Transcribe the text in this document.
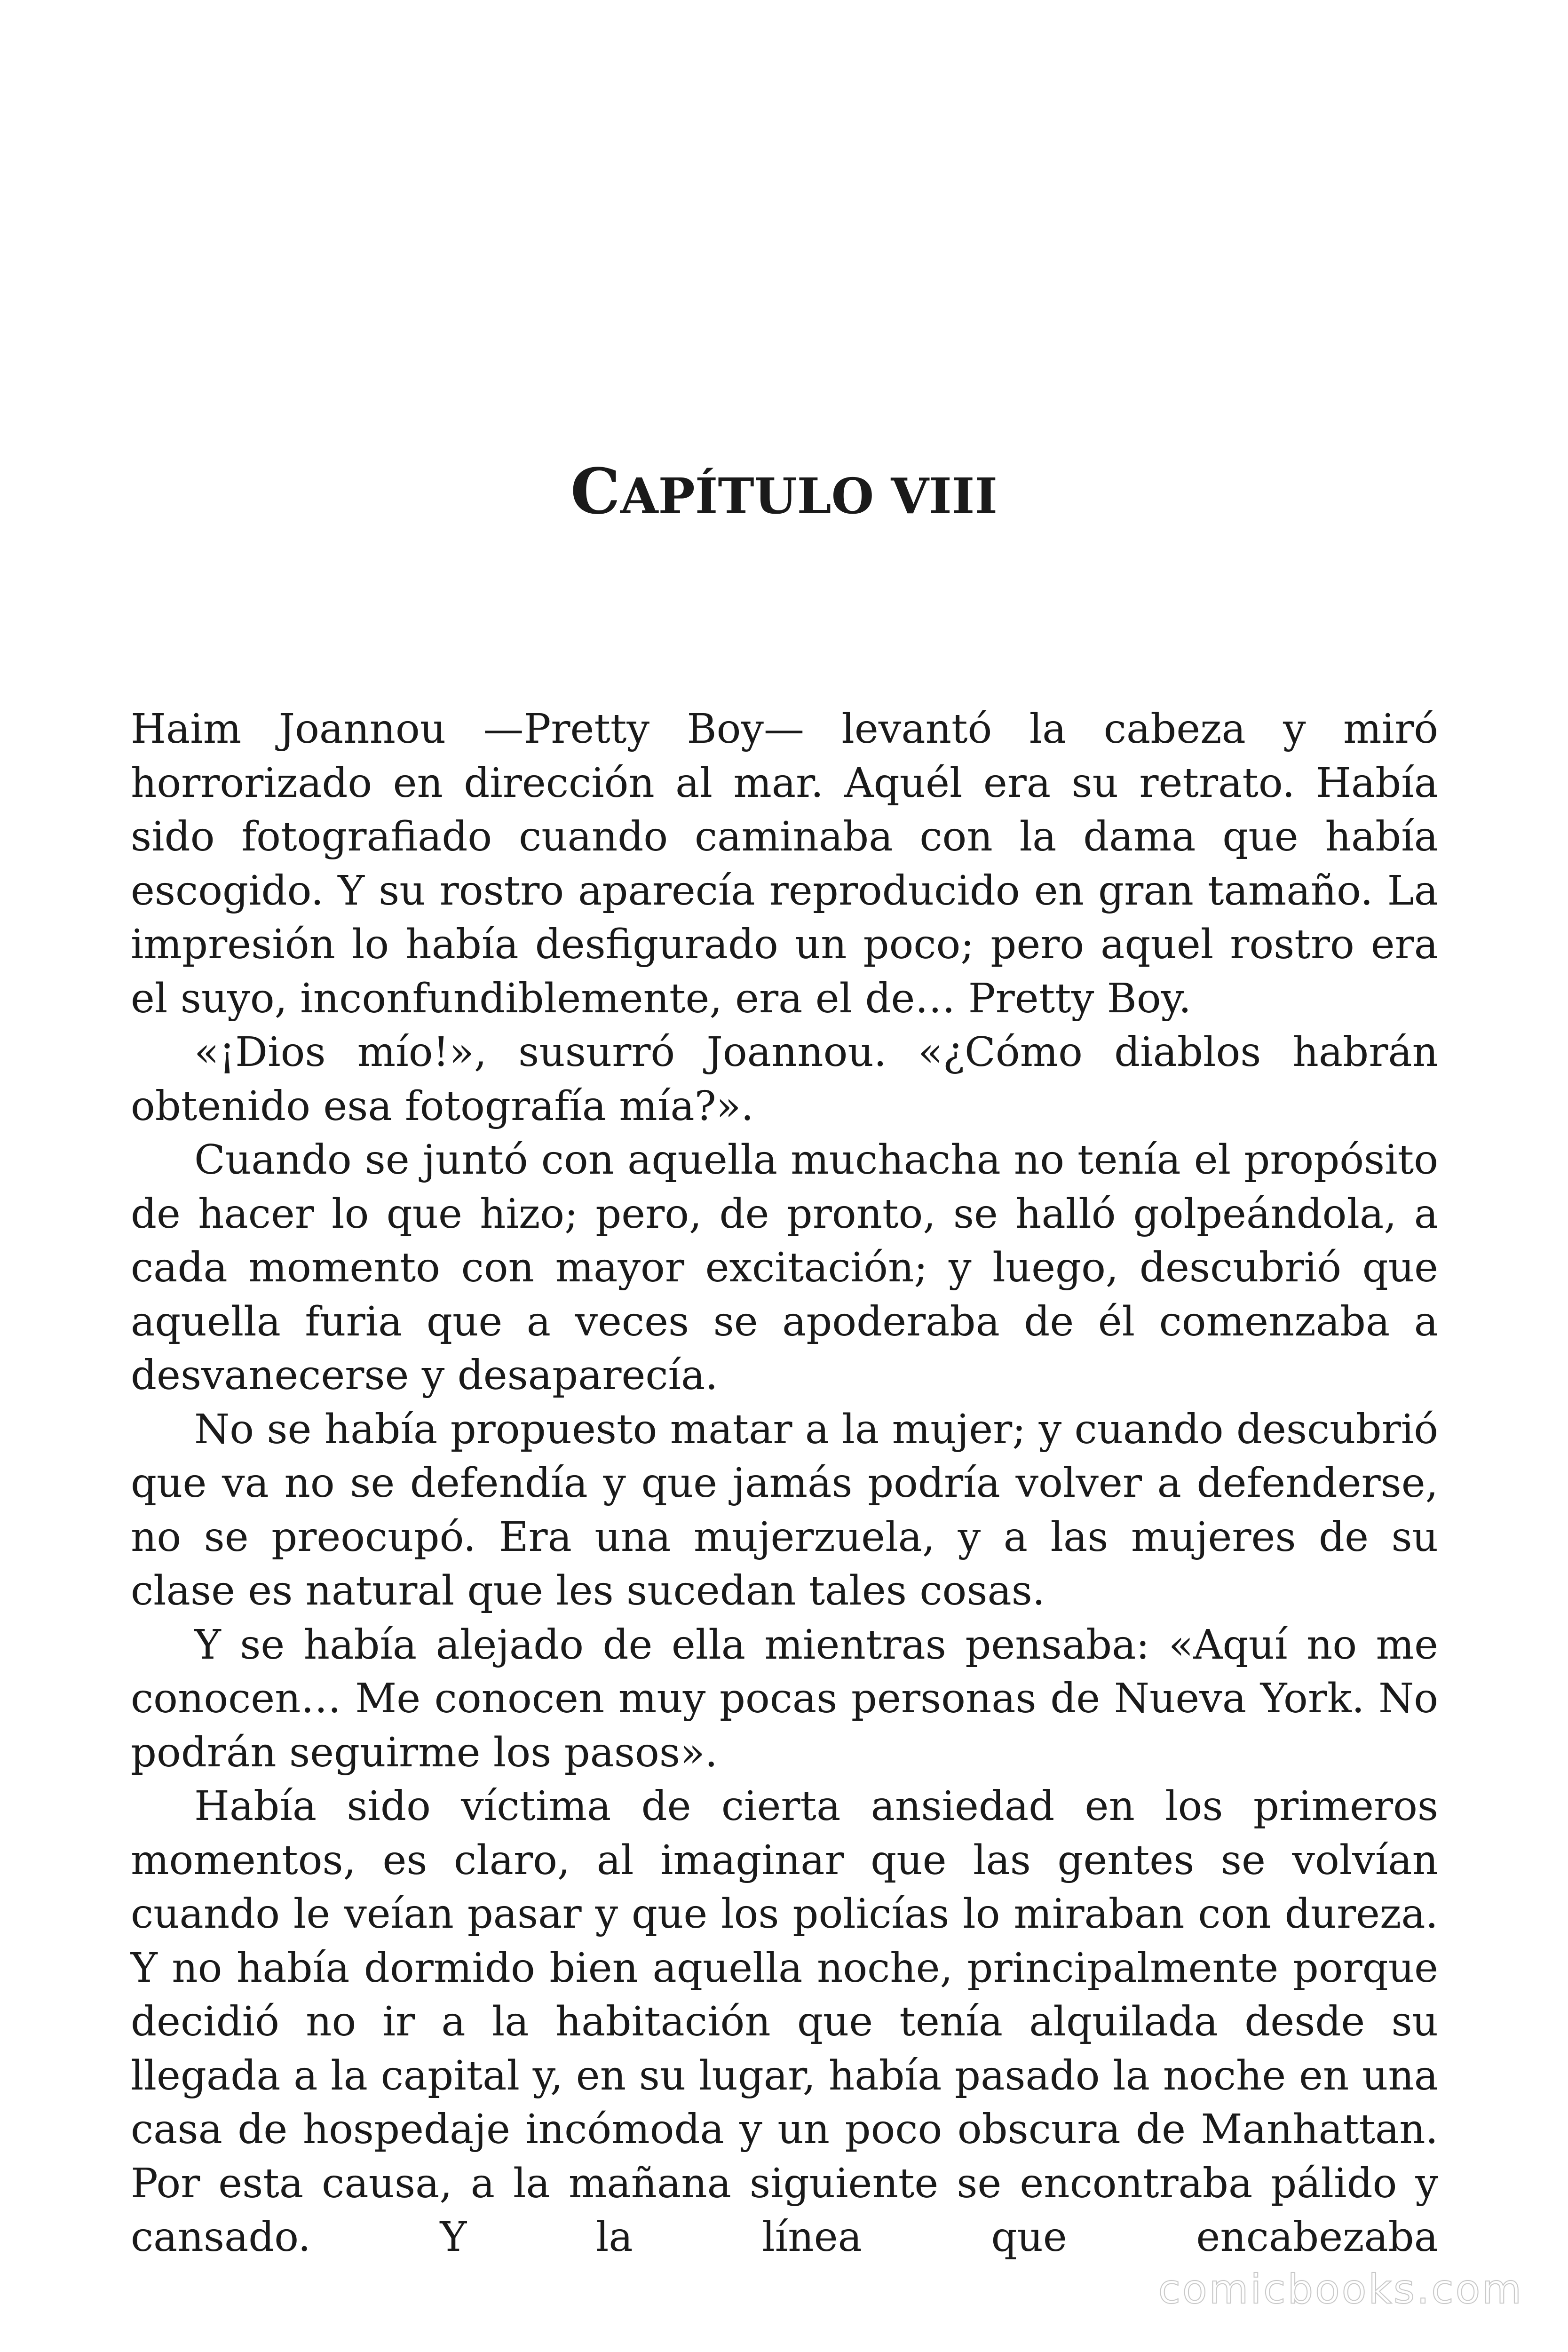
CAPÍTULO VIII

Haim Joannou —Pretty Boy— levantó la cabeza y miró horrorizado en dirección al mar. Aquél era su retrato. Había sido fotografiado cuando caminaba con la dama que había escogido. Y su rostro aparecía reproducido en gran tamaño. La impresión lo había desfigurado un poco; pero aquel rostro era el suyo, inconfundiblemente, era el de… Pretty Boy.

«¡Dios mío!», susurró Joannou. «¿Cómo diablos habrán obtenido esa fotografía mía?».

Cuando se juntó con aquella muchacha no tenía el propósito de hacer lo que hizo; pero, de pronto, se halló golpeándola, a cada momento con mayor excitación; y luego, descubrió que aquella furia que a veces se apoderaba de él comenzaba a desvanecerse y desaparecía.

No se había propuesto matar a la mujer; y cuando descubrió que va no se defendía y que jamás podría volver a defenderse, no se preocupó. Era una mujerzuela, y a las mujeres de su clase es natural que les sucedan tales cosas.

Y se había alejado de ella mientras pensaba: «Aquí no me conocen… Me conocen muy pocas personas de Nueva York. No podrán seguirme los pasos».

Había sido víctima de cierta ansiedad en los primeros momentos, es claro, al imaginar que las gentes se volvían cuando le veían pasar y que los policías lo miraban con dureza. Y no había dormido bien aquella noche, principalmente porque decidió no ir a la habitación que tenía alquilada desde su llegada a la capital y, en su lugar, había pasado la noche en una casa de hospedaje incómoda y un poco obscura de Manhattan. Por esta causa, a la mañana siguiente se encontraba pálido y cansado. Y la línea que encabezaba

comicbooks.com
